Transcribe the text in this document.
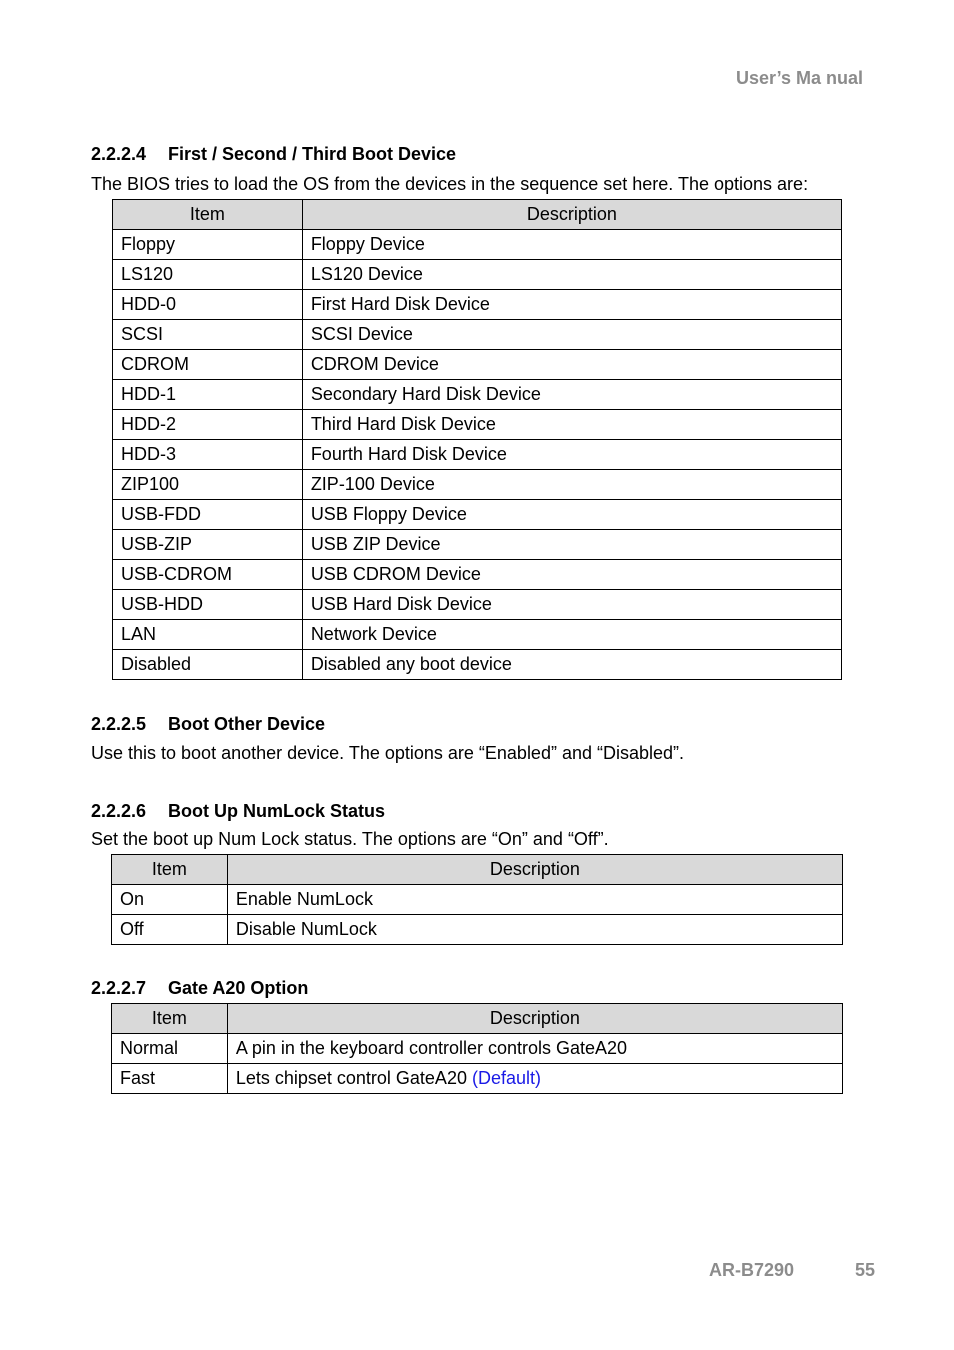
User’s Ma nual
2.2.2.4 First / Second / Third Boot Device

The BIOS tries to load the OS from the devices in the sequence set here. The options are:

Item	Description
Floppy	Floppy Device
LS120	LS120 Device
HDD-0	First Hard Disk Device
SCSI	SCSI Device
CDROM	CDROM Device
HDD-1	Secondary Hard Disk Device
HDD-2	Third Hard Disk Device
HDD-3	Fourth Hard Disk Device
ZIP100	ZIP-100 Device
USB-FDD	USB Floppy Device
USB-ZIP	USB ZIP Device
USB-CDROM	USB CDROM Device
USB-HDD	USB Hard Disk Device
LAN	Network Device
Disabled	Disabled any boot device
2.2.2.5 Boot Other Device

Use this to boot another device. The options are “Enabled” and “Disabled”.

2.2.2.6 Boot Up NumLock Status

Set the boot up Num Lock status. The options are “On” and “Off”.

Item	Description
On	Enable NumLock
Off	Disable NumLock
2.2.2.7 Gate A20 Option
Item	Description
Normal	A pin in the keyboard controller controls GateA20
Fast	Lets chipset control GateA20 (Default)
AR-B7290	55
